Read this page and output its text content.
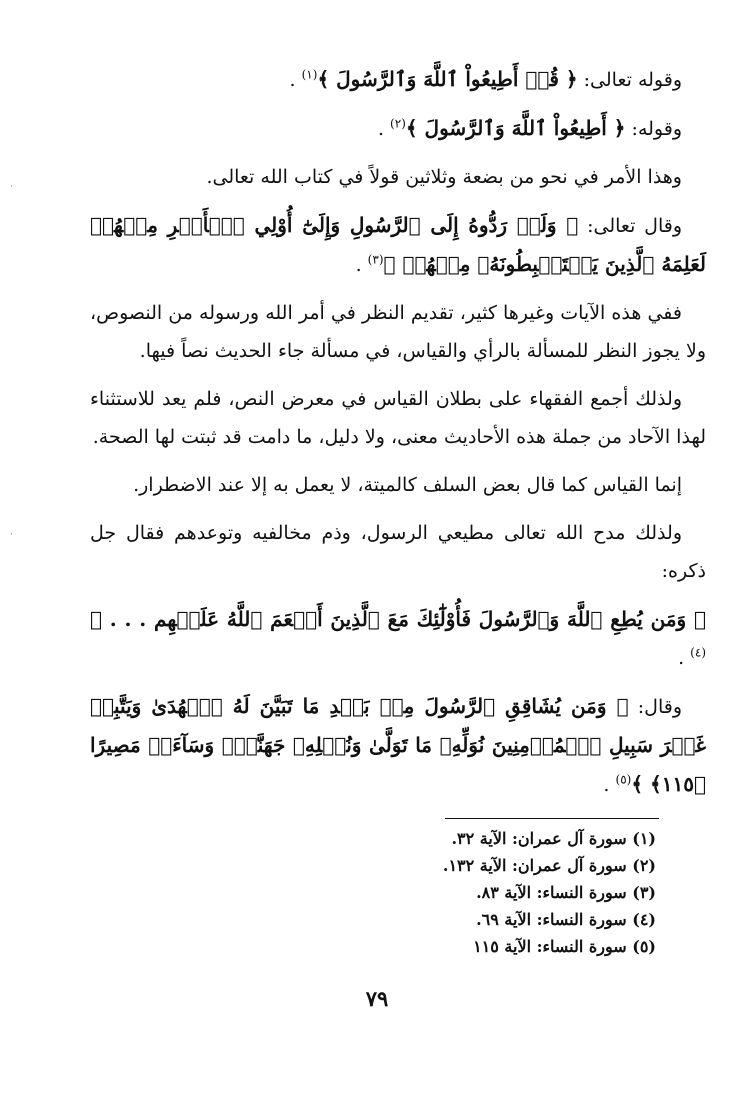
وقوله تعالى: ﴿ قُلۡ أَطِيعُواْ ٱللَّهَ وَٱلرَّسُولَ ﴾$^{(١)}$ .

وقوله: ﴿ أَطِيعُواْ ٱللَّهَ وَٱلرَّسُولَ ﴾$^{(٢)}$ .

وهذا الأمر في نحو من بضعة وثلاثين قولاً في كتاب الله تعالى.

وقال تعالى: ﴿ وَلَوۡ رَدُّوهُ إِلَى ٱلرَّسُولِ وَإِلَىٰٓ أُوْلِي ٱلۡأَمۡرِ مِنۡهُمۡ لَعَلِمَهُ ٱلَّذِينَ يَسۡتَنۢبِطُونَهُۥ مِنۡهُمۡ ﴾$^{(٣)}$ .

ففي هذه الآيات وغيرها كثير، تقديم النظر في أمر الله ورسوله من النصوص، ولا يجوز النظر للمسألة بالرأي والقياس، في مسألة جاء الحديث نصاً فيها.

ولذلك أجمع الفقهاء على بطلان القياس في معرض النص، فلم يعد للاستثناء لهذا الآحاد من جملة هذه الأحاديث معنى، ولا دليل، ما دامت قد ثبتت لها الصحة.

إنما القياس كما قال بعض السلف كالميتة، لا يعمل به إلا عند الاضطرار.

ولذلك مدح الله تعالى مطيعي الرسول، وذم مخالفيه وتوعدهم فقال جل ذكره:

﴿ وَمَن يُطِعِ ٱللَّهَ وَٱلرَّسُولَ فَأُوْلَٰٓئِكَ مَعَ ٱلَّذِينَ أَنۡعَمَ ٱللَّهُ عَلَيۡهِم . . . ﴾$^{(٤)}$ .

وقال: ﴿ وَمَن يُشَاقِقِ ٱلرَّسُولَ مِنۢ بَعۡدِ مَا تَبَيَّنَ لَهُ ٱلۡهُدَىٰ وَيَتَّبِعۡ غَيۡرَ سَبِيلِ ٱلۡمُؤۡمِنِينَ نُوَلِّهِۦ مَا تَوَلَّىٰ وَنُصۡلِهِۦ جَهَنَّمَۖ وَسَآءَتۡ مَصِيرًا ﴿١١٥﴾ ﴾$^{(٥)}$ .

(١) سورة آل عمران: الآية ٣٢.
(٢) سورة آل عمران: الآية ١٣٢.
(٣) سورة النساء: الآية ٨٣.
(٤) سورة النساء: الآية ٦٩.
(٥) سورة النساء: الآية ١١٥
٧٩
·
·
